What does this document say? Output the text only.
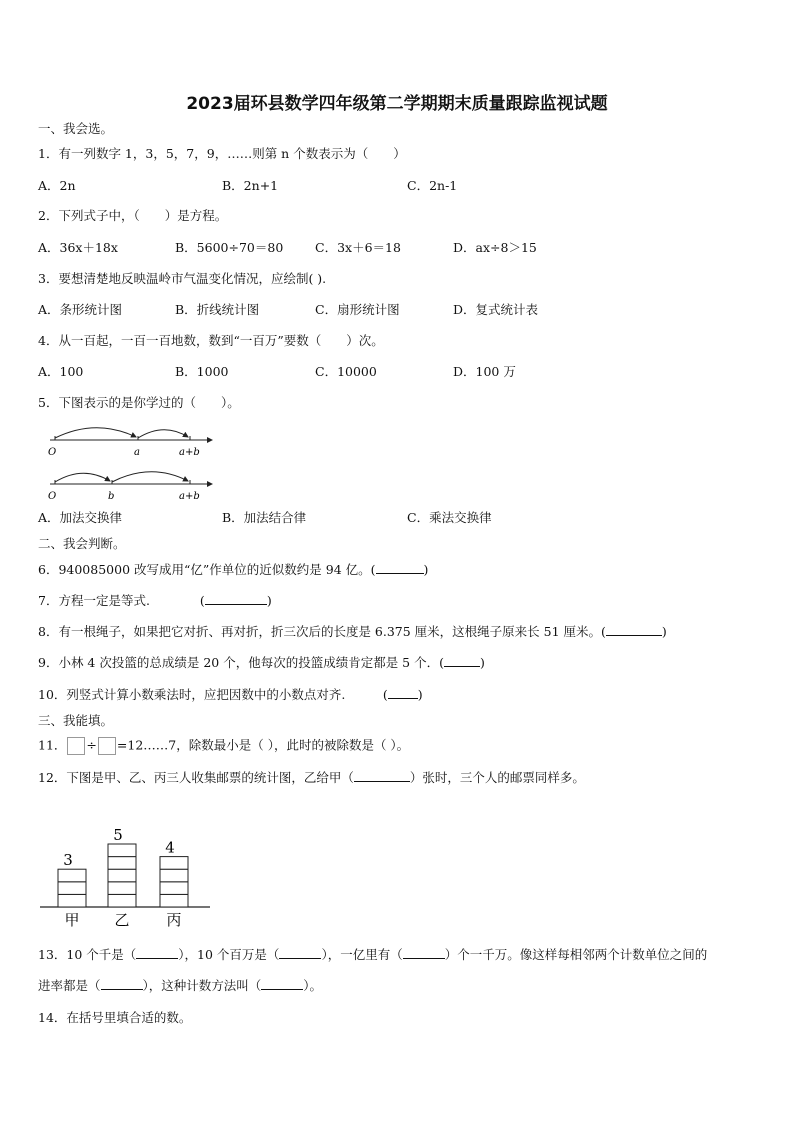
2023届环县数学四年级第二学期期末质量跟踪监视试题
一、我会选。
1．有一列数字 1，3，5，7，9，……则第 n 个数表示为（　　）
A．2n	B．2n+1	C．2n-1
2．下列式子中，（　　）是方程。
A．36x＋18x	B．5600÷70＝80	C．3x＋6＝18	D．ax÷8＞15
3．要想清楚地反映温岭市气温变化情况，应绘制( ).
A．条形统计图	B．折线统计图	C．扇形统计图	D．复式统计表
4．从一百起，一百一百地数，数到“一百万”要数（　　）次。
A．100	B．1000	C．10000	D．100 万
5．下图表示的是你学过的（　　）。
O	a	a+b
O	b	a+b
A．加法交换律	B．加法结合律	C．乘法交换律
二、我会判断。
6．940085000 改写成用“亿”作单位的近似数约是 94 亿。(	)
7．方程一定是等式.　　　　(	)
8．有一根绳子，如果把它对折、再对折，折三次后的长度是 6.375 厘米，这根绳子原来长 51 厘米。(	)
9．小林 4 次投篮的总成绩是 20 个，他每次的投篮成绩肯定都是 5 个．(	)
10．列竖式计算小数乘法时，应把因数中的小数点对齐.　　　( )
三、我能填。
11． ÷ =12……7，除数最小是（ ），此时的被除数是（ ）。
12．下图是甲、乙、丙三人收集邮票的统计图，乙给甲（	）张时，三个人的邮票同样多。
3
甲
5
乙
4
丙
13．10 个千是（	），10 个百万是（	），一亿里有（	）个一千万。像这样每相邻两个计数单位之间的
进率都是（	），这种计数方法叫（	）。
14．在括号里填合适的数。
